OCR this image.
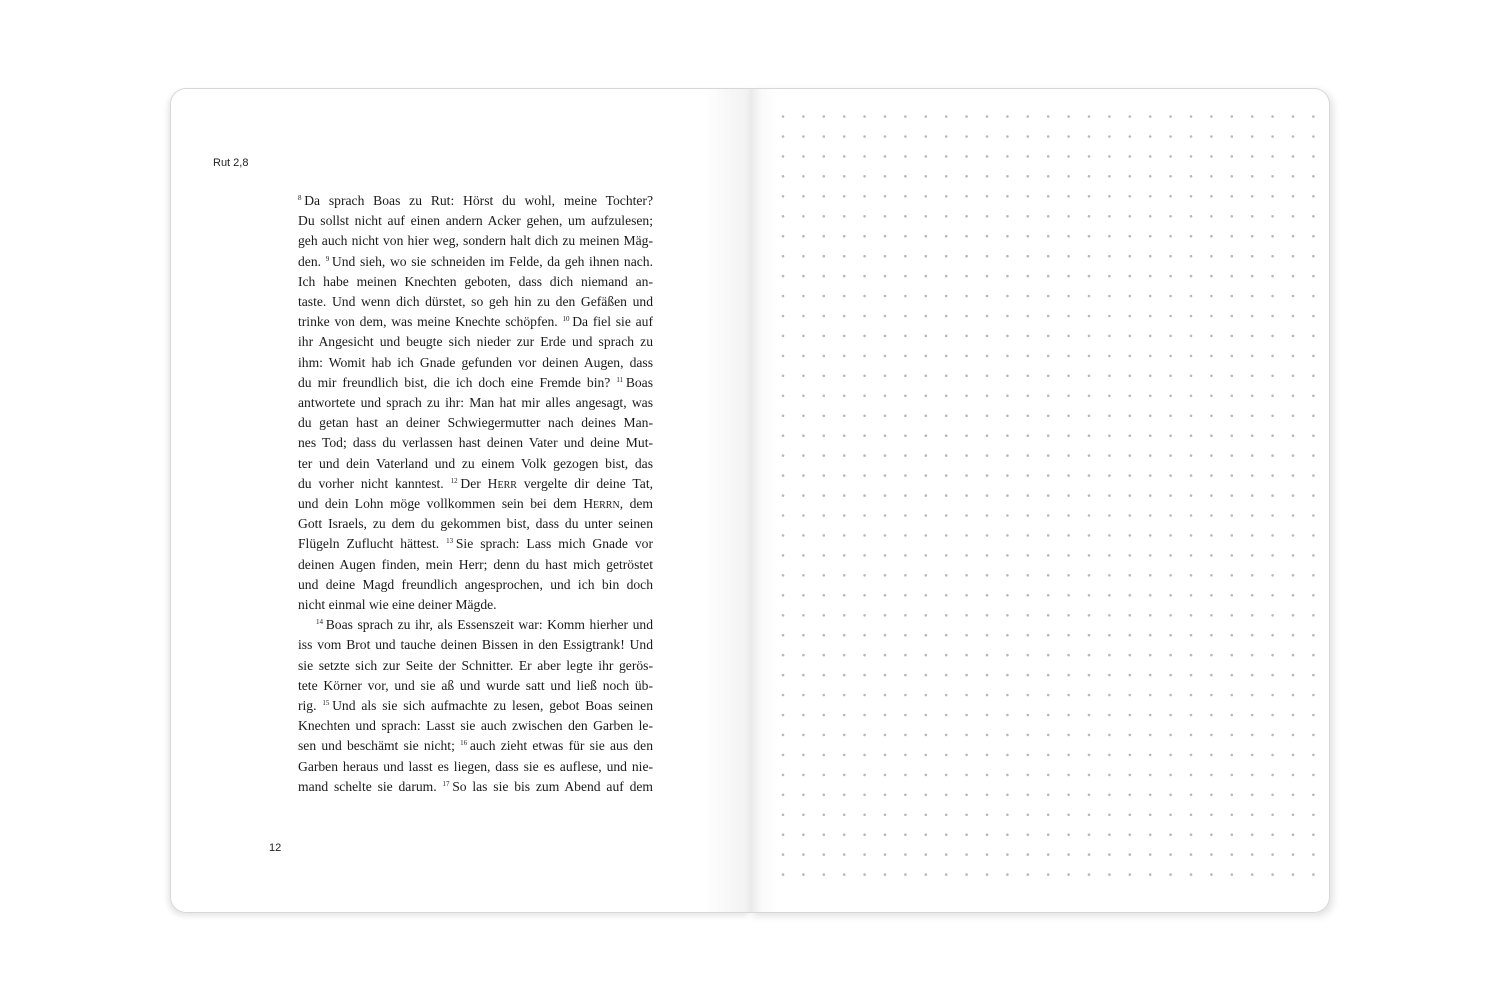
Rut 2,8
$^8$  Da sprach Boas zu Rut: Hörst du wohl, meine Tochter?
Du sollst nicht auf einen andern Acker gehen, um aufzulesen;
geh auch nicht von hier weg, sondern halt dich zu meinen Mäg-
den. $^9$  Und sieh, wo sie schneiden im Felde, da geh ihnen nach.
Ich habe meinen Knechten geboten, dass dich niemand an-
taste. Und wenn dich dürstet, so geh hin zu den Gefäßen und
trinke von dem, was meine Knechte schöpfen. $^{10}$  Da fiel sie auf
ihr Angesicht und beugte sich nieder zur Erde und sprach zu
ihm: Womit hab ich Gnade gefunden vor deinen Augen, dass
du mir freundlich bist, die ich doch eine Fremde bin? $^{11}$  Boas
antwortete und sprach zu ihr: Man hat mir alles angesagt, was
du getan hast an deiner Schwiegermutter nach deines Man-
nes Tod; dass du verlassen hast deinen Vater und deine Mut-
ter und dein Vaterland und zu einem Volk gezogen bist, das
du vorher nicht kanntest. $^{12}$  Der Herr vergelte dir deine Tat,
und dein Lohn möge vollkommen sein bei dem Herrn, dem
Gott Israels, zu dem du gekommen bist, dass du unter seinen
Flügeln Zuflucht hättest. $^{13}$  Sie sprach: Lass mich Gnade vor
deinen Augen finden, mein Herr; denn du hast mich getröstet
und deine Magd freundlich angesprochen, und ich bin doch
nicht einmal wie eine deiner Mägde.
$^{14}$  Boas sprach zu ihr, als Essenszeit war: Komm hierher und
iss vom Brot und tauche deinen Bissen in den Essigtrank! Und
sie setzte sich zur Seite der Schnitter. Er aber legte ihr gerös-
tete Körner vor, und sie aß und wurde satt und ließ noch üb-
rig. $^{15}$  Und als sie sich aufmachte zu lesen, gebot Boas seinen
Knechten und sprach: Lasst sie auch zwischen den Garben le-
sen und beschämt sie nicht; $^{16}$  auch zieht etwas für sie aus den
Garben heraus und lasst es liegen, dass sie es auflese, und nie-
mand schelte sie darum. $^{17}$  So las sie bis zum Abend auf dem
12
